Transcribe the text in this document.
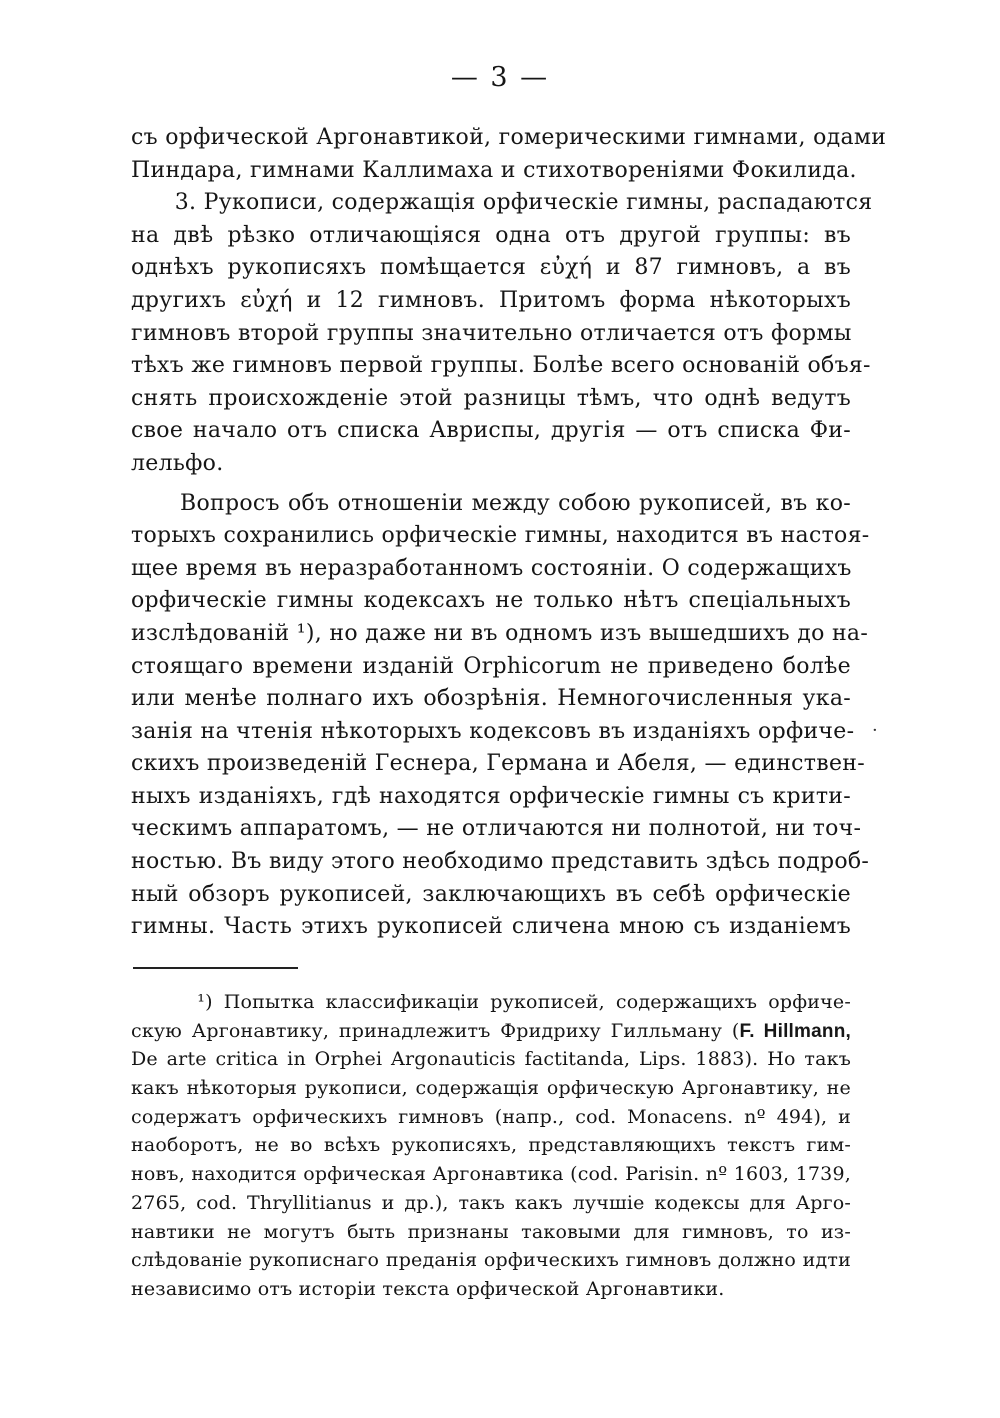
— 3 —
съ орфической Аргонавтикой, гомерическими гимнами, одами
Пиндара, гимнами Каллимаха и стихотвореніями Фокилида.
3. Рукописи, содержащія орфическіе гимны, распадаются
на двѣ рѣзко отличающіяся одна отъ другой группы: въ
однѣхъ рукописяхъ помѣщается εὐχή и 87 гимновъ, а въ
другихъ εὐχή и 12 гимновъ. Притомъ форма нѣкоторыхъ
гимновъ второй группы значительно отличается отъ формы
тѣхъ же гимновъ первой группы. Болѣе всего основаній объя-
снять происхожденіе этой разницы тѣмъ, что однѣ ведутъ
свое начало отъ списка Авриспы, другія — отъ списка Фи-
лельфо.
Вопросъ объ отношеніи между собою рукописей, въ ко-
торыхъ сохранились орфическіе гимны, находится въ настоя-
щее время въ неразработанномъ состояніи. О содержащихъ
орфическіе гимны кодексахъ не только нѣтъ спеціальныхъ
изслѣдованій ¹), но даже ни въ одномъ изъ вышедшихъ до на-
стоящаго времени изданій Orphicorum не приведено болѣе
или менѣе полнаго ихъ обозрѣнія. Немногочисленныя ука-
занія на чтенія нѣкоторыхъ кодексовъ въ изданіяхъ орфиче-
скихъ произведеній Геснера, Германа и Абеля, — единствен-
ныхъ изданіяхъ, гдѣ находятся орфическіе гимны съ крити-
ческимъ аппаратомъ, — не отличаются ни полнотой, ни точ-
ностью. Въ виду этого необходимо представить здѣсь подроб-
ный обзоръ рукописей, заключающихъ въ себѣ орфическіе
гимны. Часть этихъ рукописей сличена мною съ изданіемъ
¹) Попытка классификаціи рукописей, содержащихъ орфиче-
скую Аргонавтику, принадлежитъ Фридриху Гилльману (F. Hillmann,
De arte critica in Orphei Argonauticis factitanda, Lips. 1883). Но такъ
какъ нѣкоторыя рукописи, содержащія орфическую Аргонавтику, не
содержатъ орфическихъ гимновъ (напр., cod. Monacens. nº 494), и
наоборотъ, не во всѣхъ рукописяхъ, представляющихъ текстъ гим-
новъ, находится орфическая Аргонавтика (cod. Parisin. nº 1603, 1739,
2765, cod. Thryllitianus и др.), такъ какъ лучшіе кодексы для Арго-
навтики не могутъ быть признаны таковыми для гимновъ, то из-
слѣдованіе рукописнаго преданія орфическихъ гимновъ должно идти
независимо отъ исторіи текста орфической Аргонавтики.
·
